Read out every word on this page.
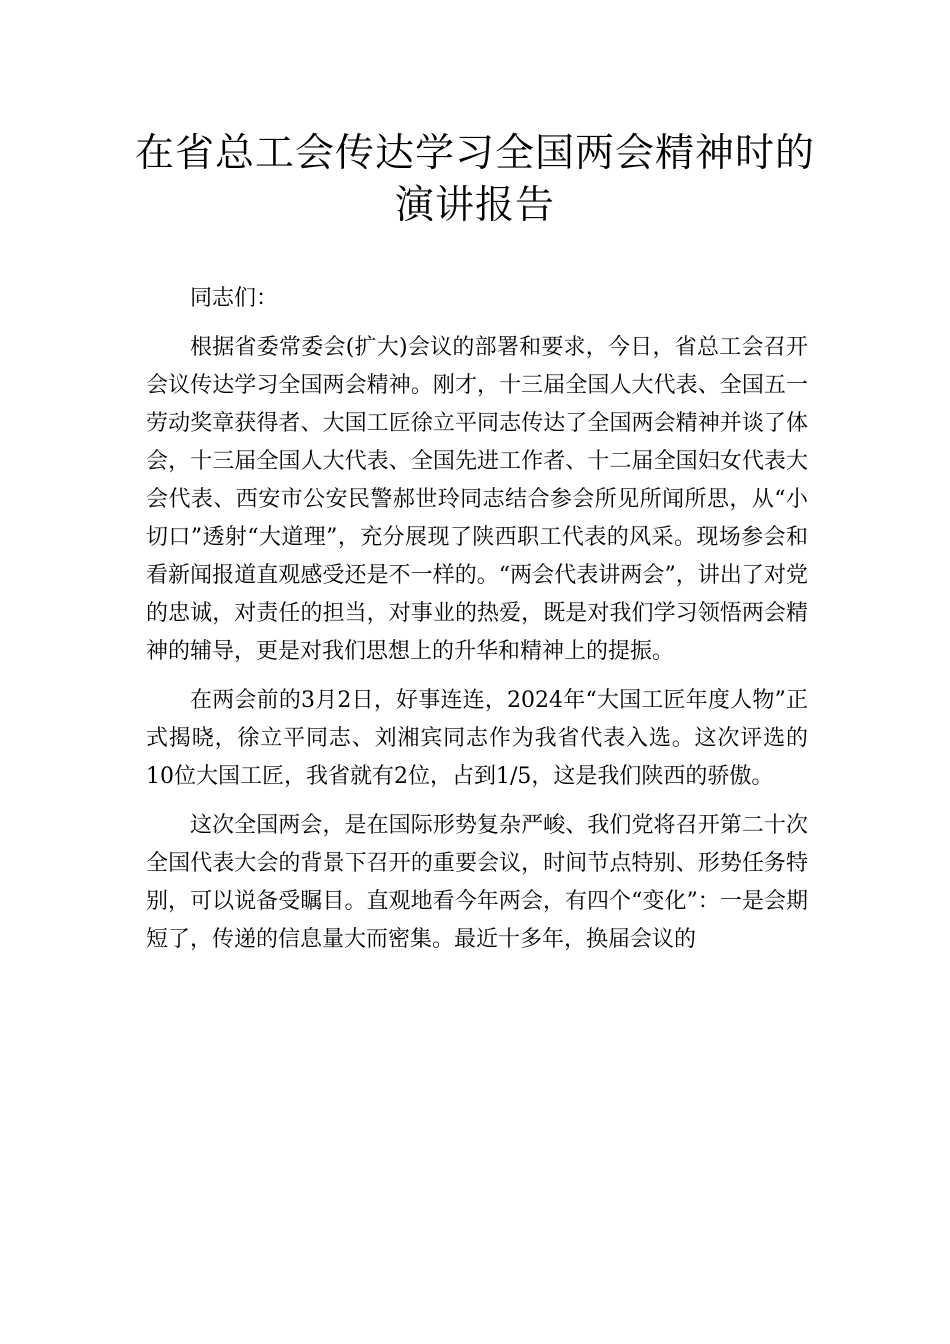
在省总工会传达学习全国两会精神时的
演讲报告

同志们：

根据省委常委会(扩大)会议的部署和要求，今日，省总工会召开会议传达学习全国两会精神。刚才，十三届全国人大代表、全国五一劳动奖章获得者、大国工匠徐立平同志传达了全国两会精神并谈了体会，十三届全国人大代表、全国先进工作者、十二届全国妇女代表大会代表、西安市公安民警郝世玲同志结合参会所见所闻所思，从“小切口”透射“大道理”，充分展现了陕西职工代表的风采。现场参会和看新闻报道直观感受还是不一样的。“两会代表讲两会”，讲出了对党的忠诚，对责任的担当，对事业的热爱，既是对我们学习领悟两会精神的辅导，更是对我们思想上的升华和精神上的提振。

在两会前的3月2日，好事连连，2024年“大国工匠年度人物”正式揭晓，徐立平同志、刘湘宾同志作为我省代表入选。这次评选的10位大国工匠，我省就有2位，占到1/5，这是我们陕西的骄傲。

这次全国两会，是在国际形势复杂严峻、我们党将召开第二十次全国代表大会的背景下召开的重要会议，时间节点特别、形势任务特别，可以说备受瞩目。直观地看今年两会，有四个“变化”：一是会期短了，传递的信息量大而密集。最近十多年，换届会议的
